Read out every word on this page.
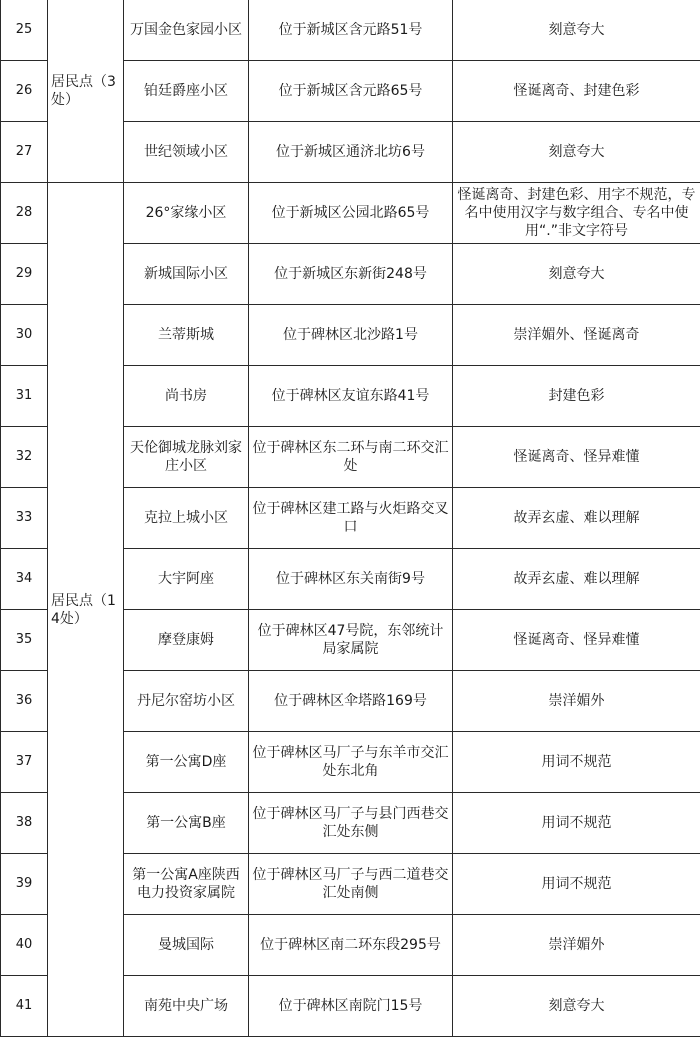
25	居民点（3处）	万国金色家园小区	位于新城区含元路51号	刻意夸大
26		铂廷爵座小区	位于新城区含元路65号	怪诞离奇、封建色彩
27		世纪领域小区	位于新城区通济北坊6号	刻意夸大
28	居民点（14处）	26°家缘小区	位于新城区公园北路65号	怪诞离奇、封建色彩、用字不规范，专名中使用汉字与数字组合、专名中使用“.”非文字符号
29		新城国际小区	位于新城区东新街248号	刻意夸大
30		兰蒂斯城	位于碑林区北沙路1号	崇洋媚外、怪诞离奇
31		尚书房	位于碑林区友谊东路41号	封建色彩
32		天伦御城龙脉刘家庄小区	位于碑林区东二环与南二环交汇处	怪诞离奇、怪异难懂
33		克拉上城小区	位于碑林区建工路与火炬路交叉口	故弄玄虚、难以理解
34		大宇阿座	位于碑林区东关南街9号	故弄玄虚、难以理解
35		摩登康姆	位于碑林区47号院，东邻统计局家属院	怪诞离奇、怪异难懂
36		丹尼尔窑坊小区	位于碑林区伞塔路169号	崇洋媚外
37		第一公寓D座	位于碑林区马厂子与东羊市交汇处东北角	用词不规范
38		第一公寓B座	位于碑林区马厂子与县门西巷交汇处东侧	用词不规范
39		第一公寓A座陕西电力投资家属院	位于碑林区马厂子与西二道巷交汇处南侧	用词不规范
40		曼城国际	位于碑林区南二环东段295号	崇洋媚外
41		南苑中央广场	位于碑林区南院门15号	刻意夸大
